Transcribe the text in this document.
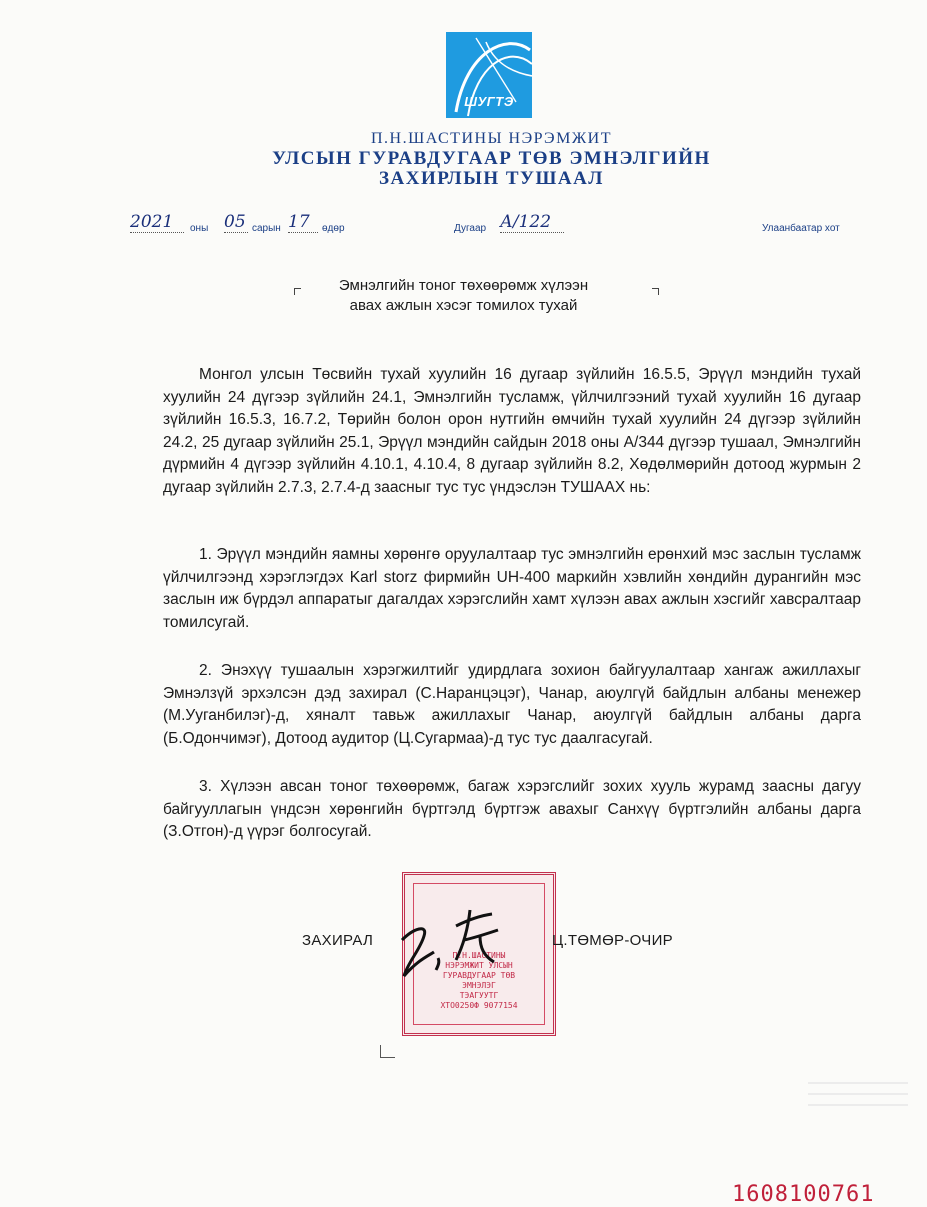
ШУГТЭ
П.Н.ШАСТИНЫ НЭРЭМЖИТ
УЛСЫН ГУРАВДУГААР ТӨВ ЭМНЭЛГИЙН
ЗАХИРЛЫН ТУШААЛ
2021	оны 05 сарын 17	өдөр	Дугаар А/122	Улаанбаатар хот
Эмнэлгийн тоног төхөөрөмж хүлээн
авах ажлын хэсэг томилох тухай
Монгол улсын Төсвийн тухай хуулийн 16 дугаар зүйлийн 16.5.5, Эрүүл мэндийн тухай хуулийн 24 дүгээр зүйлийн 24.1, Эмнэлгийн тусламж, үйлчилгээний тухай хуулийн 16 дугаар зүйлийн 16.5.3, 16.7.2, Төрийн болон орон нутгийн өмчийн тухай хуулийн 24 дүгээр зүйлийн 24.2, 25 дугаар зүйлийн 25.1, Эрүүл мэндийн сайдын 2018 оны А/344 дүгээр тушаал, Эмнэлгийн дүрмийн 4 дүгээр зүйлийн 4.10.1, 4.10.4, 8 дугаар зүйлийн 8.2, Хөдөлмөрийн дотоод журмын 2 дугаар зүйлийн 2.7.3, 2.7.4-д заасныг тус тус үндэслэн ТУШААХ нь:
1. Эрүүл мэндийн яамны хөрөнгө оруулалтаар тус эмнэлгийн ерөнхий мэс заслын тусламж үйлчилгээнд хэрэглэгдэх Karl storz фирмийн UH-400 маркийн хэвлийн хөндийн дурангийн мэс заслын иж бүрдэл аппаратыг дагалдах хэрэгслийн хамт хүлээн авах ажлын хэсгийг хавсралтаар томилсугай.
2. Энэхүү тушаалын хэрэгжилтийг удирдлага зохион байгуулалтаар хангаж ажиллахыг Эмнэлзүй эрхэлсэн дэд захирал (С.Наранцэцэг), Чанар, аюулгүй байдлын албаны менежер (М.Ууганбилэг)-д, хяналт тавьж ажиллахыг Чанар, аюулгүй байдлын албаны дарга (Б.Одончимэг), Дотоод аудитор (Ц.Сугармаа)-д тус тус даалгасугай.
3. Хүлээн авсан тоног төхөөрөмж, багаж хэрэгслийг зохих хууль журамд заасны дагуу байгууллагын үндсэн хөрөнгийн бүртгэлд бүртгэж авахыг Санхүү бүртгэлийн албаны дарга (З.Отгон)-д үүрэг болгосугай.
П.Н.ШАСТИНЫ
НЭРЭМЖИТ УЛСЫН
ГУРАВДУГААР ТӨВ
ЭМНЭЛЭГ
ТЭАГУУТГ
ХТО0250Ф 9077154
ЗАХИРАЛ	Ц.ТӨМӨР-ОЧИР
1608100761
